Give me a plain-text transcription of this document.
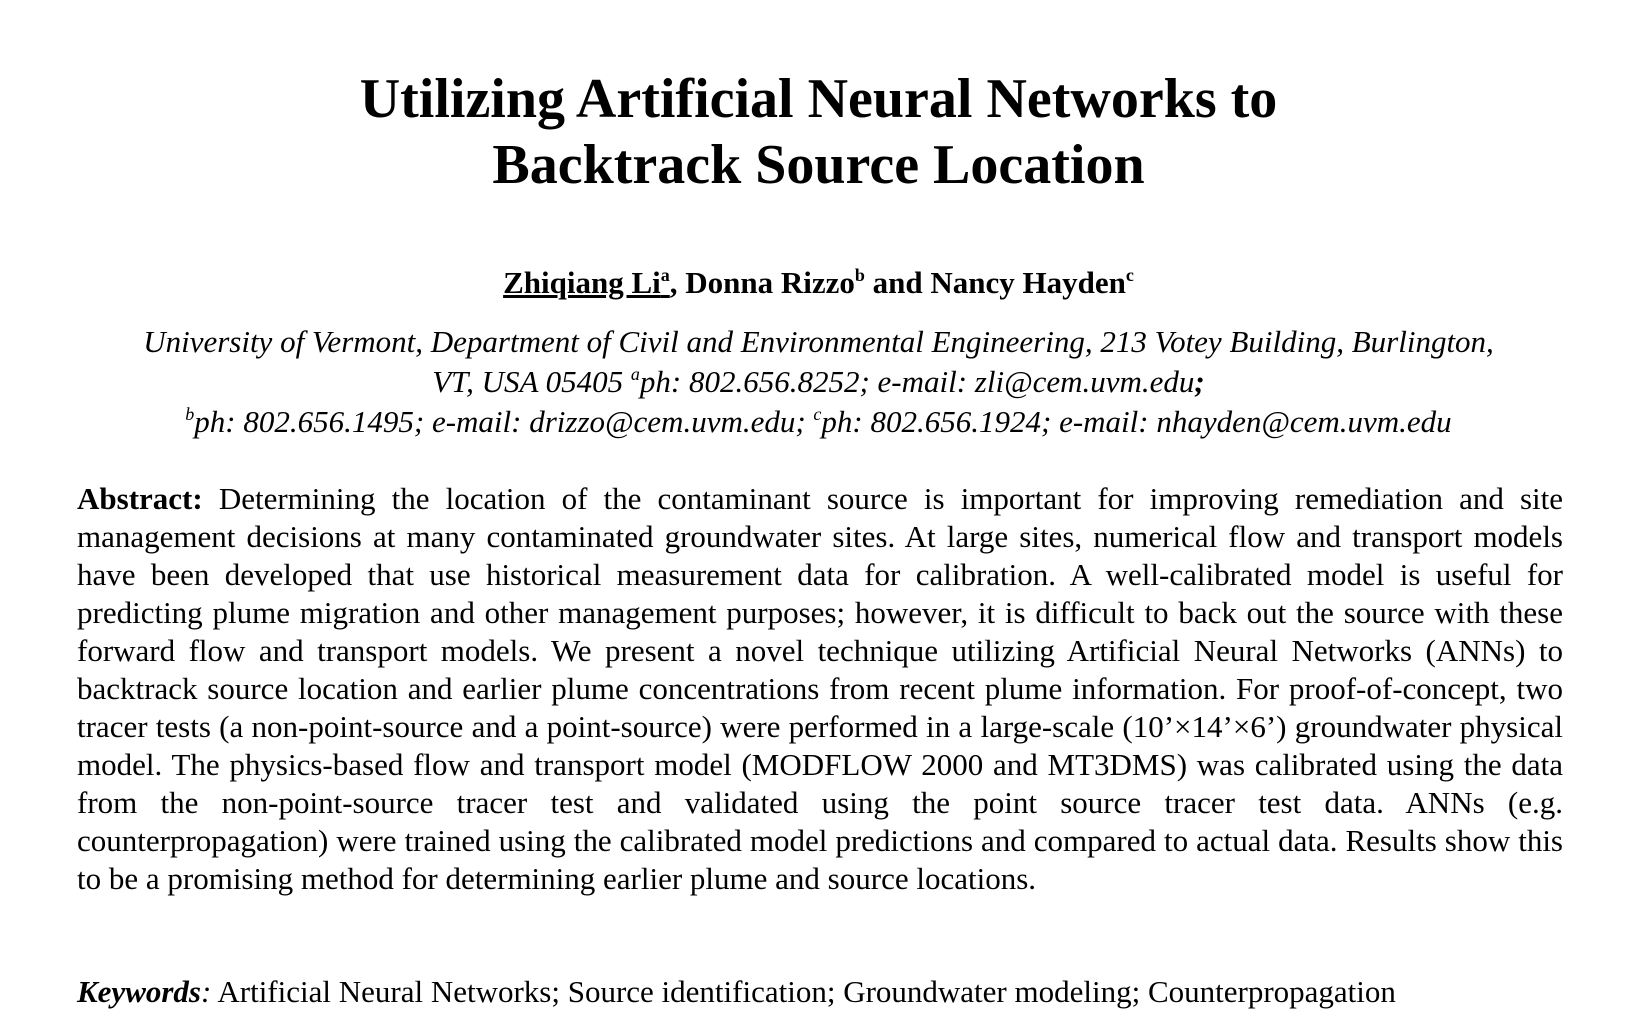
Utilizing Artificial Neural Networks to
Backtrack Source Location
Zhiqiang Li$^a$, Donna Rizzo$^b$ and Nancy Hayden$^c$
University of Vermont, Department of Civil and Environmental Engineering, 213 Votey Building, Burlington,
VT, USA 05405 $^a$ph: 802.656.8252; e-mail: zli@cem.uvm.edu;
$^b$ph: 802.656.1495; e-mail: drizzo@cem.uvm.edu; $^c$ph: 802.656.1924; e-mail: nhayden@cem.uvm.edu

Abstract: Determining the location of the contaminant source is important for improving remediation and site management decisions at many contaminated groundwater sites. At large sites, numerical flow and transport models have been developed that use historical measurement data for calibration. A well-calibrated model is useful for predicting plume migration and other management purposes; however, it is difficult to back out the source with these forward flow and transport models. We present a novel technique utilizing Artificial Neural Networks (ANNs) to backtrack source location and earlier plume concentrations from recent plume information. For proof-of-concept, two tracer tests (a non-point-source and a point-source) were performed in a large-scale (10’×14’×6’) groundwater physical model. The physics-based flow and transport model (MODFLOW 2000 and MT3DMS) was calibrated using the data from the non-point-source tracer test and validated using the point source tracer test data. ANNs (e.g. counterpropagation) were trained using the calibrated model predictions and compared to actual data. Results show this to be a promising method for determining earlier plume and source locations.

Keywords: Artificial Neural Networks; Source identification; Groundwater modeling; Counterpropagation
